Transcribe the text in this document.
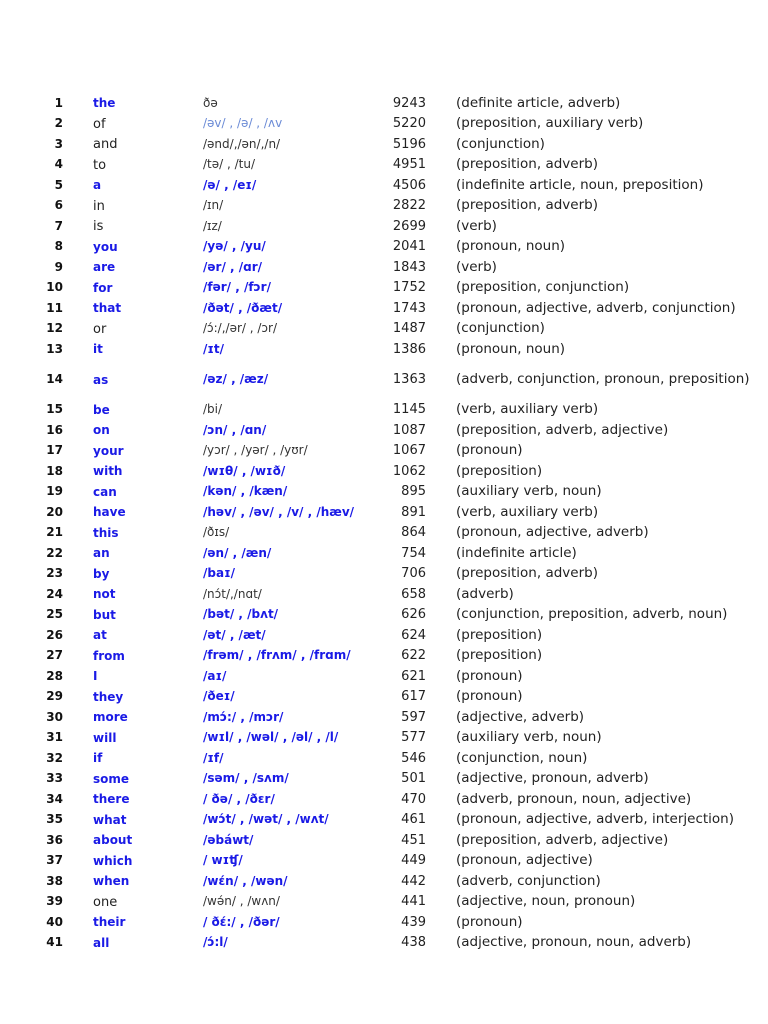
1	the	ðə	9243	(definite article, adverb)
2	of	/əv/ , /ə/ , /ʌv	5220	(preposition, auxiliary verb)
3	and	/ənd/,/ən/,/n/	5196	(conjunction)
4	to	/tə/ , /tu/	4951	(preposition, adverb)
5	a	/ə/ , /eɪ/	4506	(indefinite article, noun, preposition)
6	in	/ɪn/	2822	(preposition, adverb)
7	is	/ɪz/	2699	(verb)
8	you	/yə/ , /yu/	2041	(pronoun, noun)
9	are	/ər/ , /ɑr/	1843	(verb)
10	for	/fər/ , /fɔr/	1752	(preposition, conjunction)
11	that	/ðət/ , /ðæt/	1743	(pronoun, adjective, adverb, conjunction)
12	or	/ɔ́:/,/ər/ , /ɔr/	1487	(conjunction)
13	it	/ɪt/	1386	(pronoun, noun)
14	as	/əz/ , /æz/	1363	(adverb, conjunction, pronoun, preposition)
15	be	/bi/	1145	(verb, auxiliary verb)
16	on	/ɔn/ , /ɑn/	1087	(preposition, adverb, adjective)
17	your	/yɔr/ , /yər/ , /yʊr/	1067	(pronoun)
18	with	/wɪθ/ , /wɪð/	1062	(preposition)
19	can	/kən/ , /kæn/	895	(auxiliary verb, noun)
20	have	/həv/ , /əv/ , /v/ , /hæv/	891	(verb, auxiliary verb)
21	this	/ðɪs/	864	(pronoun, adjective, adverb)
22	an	/ən/ , /æn/	754	(indefinite article)
23	by	/baɪ/	706	(preposition, adverb)
24	not	/nɔ́t/,/nɑt/	658	(adverb)
25	but	/bət/ , /bʌt/	626	(conjunction, preposition, adverb, noun)
26	at	/ət/ , /æt/	624	(preposition)
27	from	/frəm/ , /frʌm/ , /frɑm/	622	(preposition)
28	I	/aɪ/	621	(pronoun)
29	they	/ðeɪ/	617	(pronoun)
30	more	/mɔ́:/ , /mɔr/	597	(adjective, adverb)
31	will	/wɪl/ , /wəl/ , /əl/ , /l/	577	(auxiliary verb, noun)
32	if	/ɪf/	546	(conjunction, noun)
33	some	/səm/ , /sʌm/	501	(adjective, pronoun, adverb)
34	there	/ ðə/ , /ðɛr/	470	(adverb, pronoun, noun, adjective)
35	what	/wɔ́t/ , /wət/ , /wʌt/	461	(pronoun, adjective, adverb, interjection)
36	about	/əbáwt/	451	(preposition, adverb, adjective)
37	which	/ wɪʧ/	449	(pronoun, adjective)
38	when	/wɛ́n/ , /wən/	442	(adverb, conjunction)
39	one	/wə́n/ , /wʌn/	441	(adjective, noun, pronoun)
40	their	/ ðɛ́:/ , /ðər/	439	(pronoun)
41	all	/ɔ́:l/	438	(adjective, pronoun, noun, adverb)
